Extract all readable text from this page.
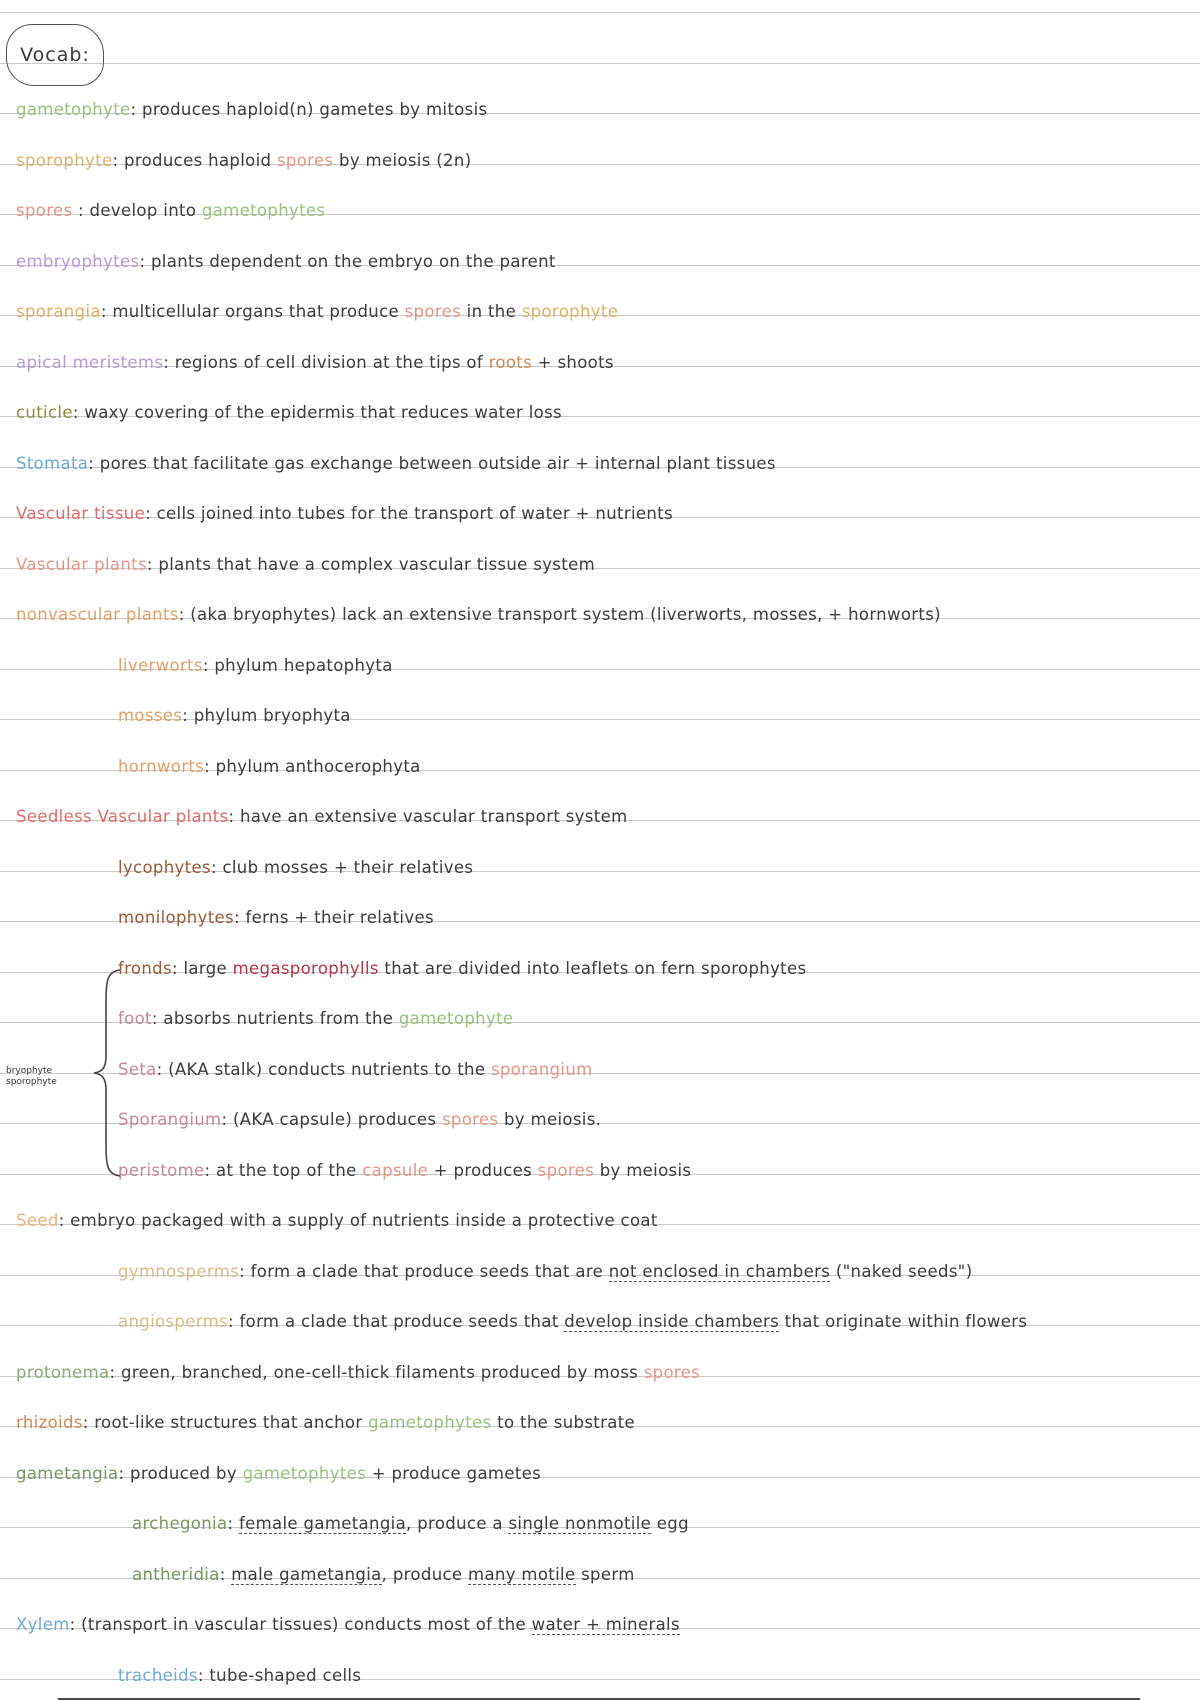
Vocab:
gametophyte: produces haploid(n) gametes by mitosis
sporophyte: produces haploid spores by meiosis (2n)
spores : develop into gametophytes
embryophytes: plants dependent on the embryo on the parent
sporangia: multicellular organs that produce spores in the sporophyte
apical meristems: regions of cell division at the tips of roots + shoots
cuticle: waxy covering of the epidermis that reduces water loss
Stomata: pores that facilitate gas exchange between outside air + internal plant tissues
Vascular tissue: cells joined into tubes for the transport of water + nutrients
Vascular plants: plants that have a complex vascular tissue system
nonvascular plants: (aka bryophytes) lack an extensive transport system (liverworts, mosses, + hornworts)
liverworts: phylum hepatophyta
mosses: phylum bryophyta
hornworts: phylum anthocerophyta
Seedless Vascular plants: have an extensive vascular transport system
lycophytes: club mosses + their relatives
monilophytes: ferns + their relatives
fronds: large megasporophylls that are divided into leaflets on fern sporophytes
foot: absorbs nutrients from the gametophyte
Seta: (AKA stalk) conducts nutrients to the sporangium
Sporangium: (AKA capsule) produces spores by meiosis.
peristome: at the top of the capsule + produces spores by meiosis
Seed: embryo packaged with a supply of nutrients inside a protective coat
gymnosperms: form a clade that produce seeds that are not enclosed in chambers ("naked seeds")
angiosperms: form a clade that produce seeds that develop inside chambers that originate within flowers
protonema: green, branched, one-cell-thick filaments produced by moss spores
rhizoids: root-like structures that anchor gametophytes to the substrate
gametangia: produced by gametophytes + produce gametes
archegonia: female gametangia, produce a single nonmotile egg
antheridia: male gametangia, produce many motile sperm
Xylem: (transport in vascular tissues) conducts most of the water + minerals
tracheids: tube-shaped cells
bryophyte
sporophyte
